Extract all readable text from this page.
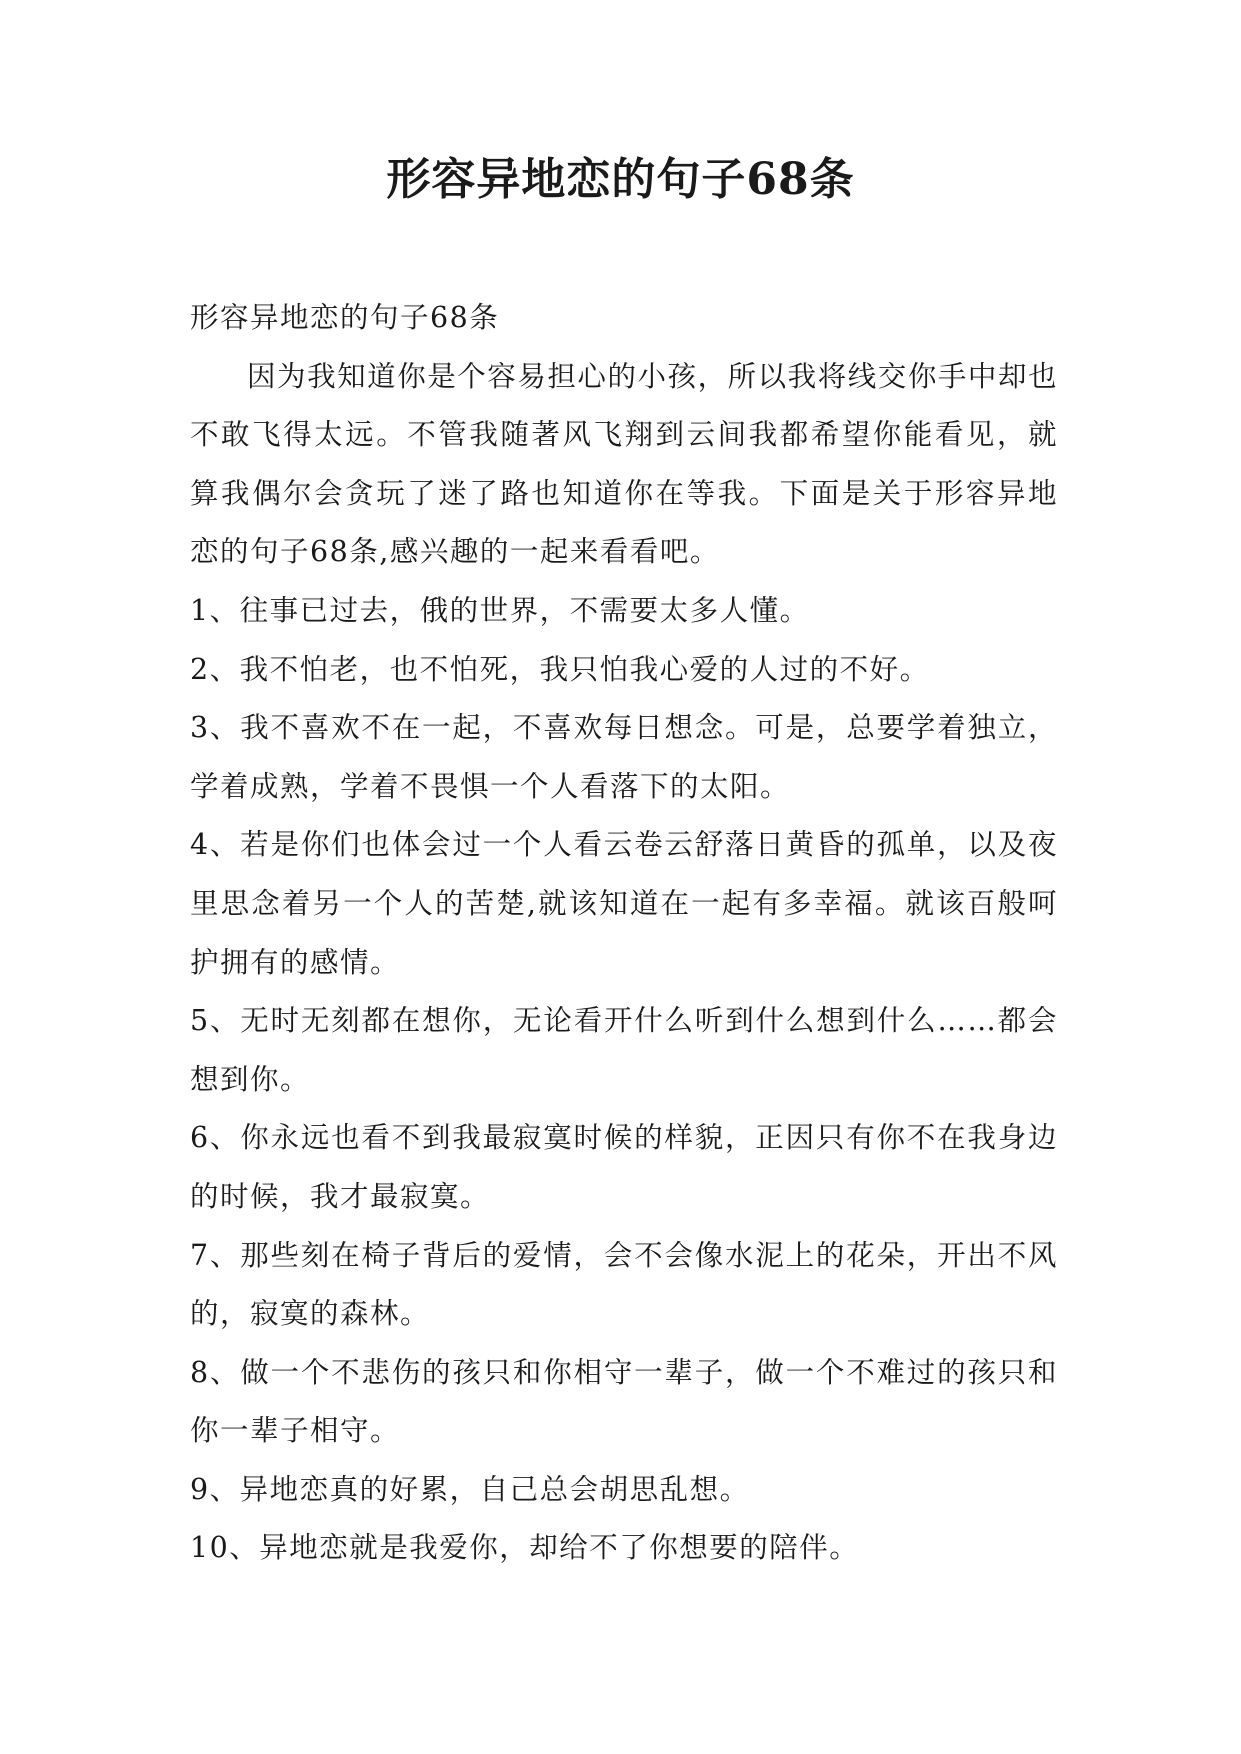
形容异地恋的句子68条

形容异地恋的句子68条

因为我知道你是个容易担心的小孩，所以我将线交你手中却也不敢飞得太远。不管我随著风飞翔到云间我都希望你能看见，就算我偶尔会贪玩了迷了路也知道你在等我。下面是关于形容异地恋的句子68条,感兴趣的一起来看看吧。

1、往事已过去，俄的世界，不需要太多人懂。

2、我不怕老，也不怕死，我只怕我心爱的人过的不好。

3、我不喜欢不在一起，不喜欢每日想念。可是，总要学着独立，学着成熟，学着不畏惧一个人看落下的太阳。

4、若是你们也体会过一个人看云卷云舒落日黄昏的孤单，以及夜里思念着另一个人的苦楚,就该知道在一起有多幸福。就该百般呵护拥有的感情。

5、无时无刻都在想你，无论看开什么听到什么想到什么……都会想到你。

6、你永远也看不到我最寂寞时候的样貌，正因只有你不在我身边的时候，我才最寂寞。

7、那些刻在椅子背后的爱情，会不会像水泥上的花朵，开出不风的，寂寞的森林。

8、做一个不悲伤的孩只和你相守一辈子，做一个不难过的孩只和你一辈子相守。

9、异地恋真的好累，自己总会胡思乱想。

10、异地恋就是我爱你，却给不了你想要的陪伴。
